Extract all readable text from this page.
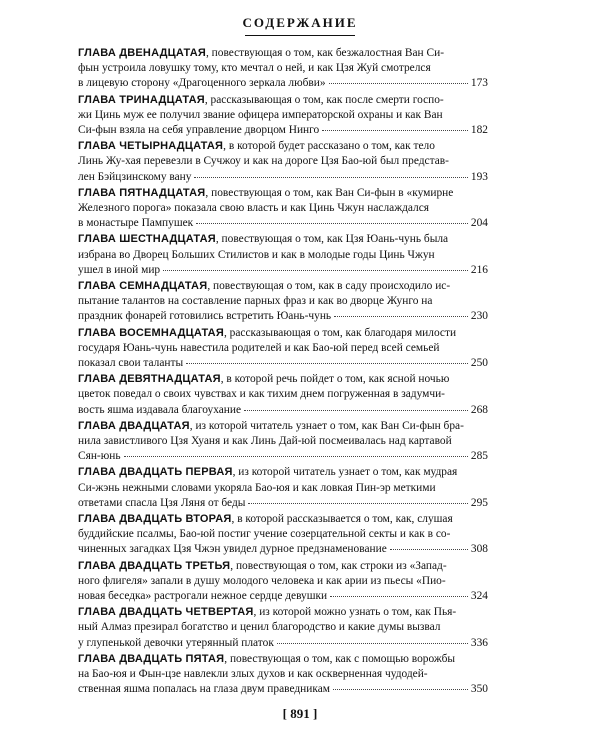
СОДЕРЖАНИЕ
ГЛАВА ДВЕНАДЦАТАЯ, повествующая о том, как безжалостная Ван Си-
фын устроила ловушку тому, кто мечтал о ней, и как Цзя Жуй смотрелся
в лицевую сторону «Драгоценного зеркала любви»	173
ГЛАВА ТРИНАДЦАТАЯ, рассказывающая о том, как после смерти госпо-
жи Цинь муж ее получил звание офицера императорской охраны и как Ван
Си-фын взяла на себя управление дворцом Нинго	182
ГЛАВА ЧЕТЫРНАДЦАТАЯ, в которой будет рассказано о том, как тело
Линь Жу-хая перевезли в Сучжоу и как на дороге Цзя Бао-юй был представ-
лен Бэйцзинскому вану	193
ГЛАВА ПЯТНАДЦАТАЯ, повествующая о том, как Ван Си-фын в «кумирне
Железного порога» показала свою власть и как Цинь Чжун наслаждался
в монастыре Пампушек	204
ГЛАВА ШЕСТНАДЦАТАЯ, повествующая о том, как Цзя Юань-чунь была
избрана во Дворец Больших Стилистов и как в молодые годы Цинь Чжун
ушел в иной мир	216
ГЛАВА СЕМНАДЦАТАЯ, повествующая о том, как в саду происходило ис-
пытание талантов на составление парных фраз и как во дворце Жунго на
праздник фонарей готовились встретить Юань-чунь	230
ГЛАВА ВОСЕМНАДЦАТАЯ, рассказывающая о том, как благодаря милости
государя Юань-чунь навестила родителей и как Бао-юй перед всей семьей
показал свои таланты	250
ГЛАВА ДЕВЯТНАДЦАТАЯ, в которой речь пойдет о том, как ясной ночью
цветок поведал о своих чувствах и как тихим днем погруженная в задумчи-
вость яшма издавала благоухание	268
ГЛАВА ДВАДЦАТАЯ, из которой читатель узнает о том, как Ван Си-фын бра-
нила завистливого Цзя Хуаня и как Линь Дай-юй посмеивалась над картавой
Сян-юнь	285
ГЛАВА ДВАДЦАТЬ ПЕРВАЯ, из которой читатель узнает о том, как мудрая
Си-жэнь нежными словами укоряла Бао-юя и как ловкая Пин-эр меткими
ответами спасла Цзя Ляня от беды	295
ГЛАВА ДВАДЦАТЬ ВТОРАЯ, в которой рассказывается о том, как, слушая
буддийские псалмы, Бао-юй постиг учение созерцательной секты и как в со-
чиненных загадках Цзя Чжэн увидел дурное предзнаменование	308
ГЛАВА ДВАДЦАТЬ ТРЕТЬЯ, повествующая о том, как строки из «Запад-
ного флигеля» запали в душу молодого человека и как арии из пьесы «Пио-
новая беседка» растрогали нежное сердце девушки	324
ГЛАВА ДВАДЦАТЬ ЧЕТВЕРТАЯ, из которой можно узнать о том, как Пья-
ный Алмаз презирал богатство и ценил благородство и какие думы вызвал
у глупенькой девочки утерянный платок	336
ГЛАВА ДВАДЦАТЬ ПЯТАЯ, повествующая о том, как с помощью ворожбы
на Бао-юя и Фын-цзе навлекли злых духов и как оскверненная чудодей-
ственная яшма попалась на глаза двум праведникам	350
[ 891 ]
